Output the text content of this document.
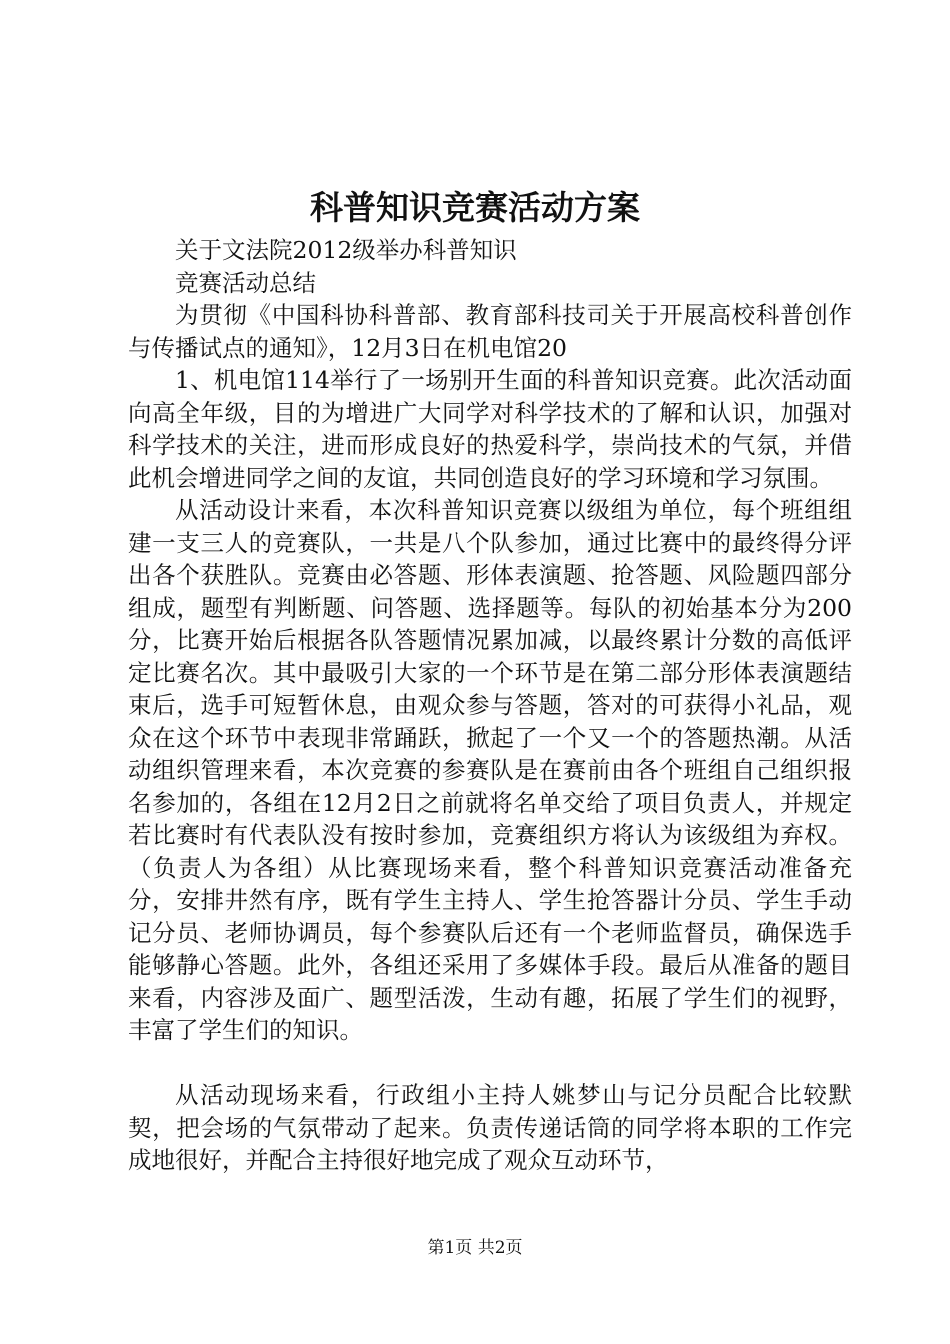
科普知识竞赛活动方案

关于文法院2012级举办科普知识

竞赛活动总结

为贯彻《中国科协科普部、教育部科技司关于开展高校科普创作与传播试点的通知》，12月3日在机电馆20

1、机电馆114举行了一场别开生面的科普知识竞赛。此次活动面向高全年级，目的为增进广大同学对科学技术的了解和认识，加强对科学技术的关注，进而形成良好的热爱科学，崇尚技术的气氛，并借此机会增进同学之间的友谊，共同创造良好的学习环境和学习氛围。

从活动设计来看，本次科普知识竞赛以级组为单位，每个班组组建一支三人的竞赛队，一共是八个队参加，通过比赛中的最终得分评出各个获胜队。竞赛由必答题、形体表演题、抢答题、风险题四部分组成，题型有判断题、问答题、选择题等。每队的初始基本分为200分，比赛开始后根据各队答题情况累加减，以最终累计分数的高低评定比赛名次。其中最吸引大家的一个环节是在第二部分形体表演题结束后，选手可短暂休息，由观众参与答题，答对的可获得小礼品，观众在这个环节中表现非常踊跃，掀起了一个又一个的答题热潮。从活动组织管理来看，本次竞赛的参赛队是在赛前由各个班组自己组织报名参加的，各组在12月2日之前就将名单交给了项目负责人，并规定若比赛时有代表队没有按时参加，竞赛组织方将认为该级组为弃权。（负责人为各组）从比赛现场来看，整个科普知识竞赛活动准备充分，安排井然有序，既有学生主持人、学生抢答器计分员、学生手动记分员、老师协调员，每个参赛队后还有一个老师监督员，确保选手能够静心答题。此外，各组还采用了多媒体手段。最后从准备的题目来看，内容涉及面广、题型活泼，生动有趣，拓展了学生们的视野，丰富了学生们的知识。

从活动现场来看，行政组小主持人姚梦山与记分员配合比较默契，把会场的气氛带动了起来。负责传递话筒的同学将本职的工作完成地很好，并配合主持很好地完成了观众互动环节，

第1页 共2页
